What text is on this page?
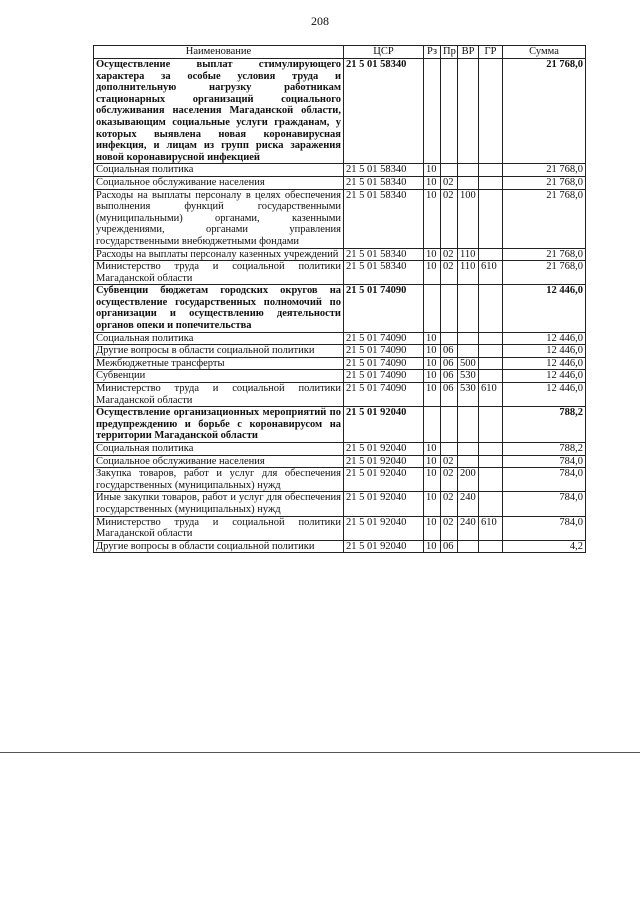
208
Наименование	ЦСР	Рз	Пр	ВР	ГР	Сумма
Осуществление выплат стимулирующего характера за особые условия труда и дополнительную нагрузку работникам стационарных организаций социального обслуживания населения Магаданской области, оказывающим социальные услуги гражданам, у которых выявлена новая коронавирусная инфекция, и лицам из групп риска заражения новой коронавирусной инфекцией	21 5 01 58340					21 768,0
Социальная политика	21 5 01 58340	10				21 768,0
Социальное обслуживание населения	21 5 01 58340	10	02			21 768,0
Расходы на выплаты персоналу в целях обеспечения выполнения функций государственными (муниципальными) органами, казенными учреждениями, органами управления государственными внебюджетными фондами	21 5 01 58340	10	02	100		21 768,0
Расходы на выплаты персоналу казенных учреждений	21 5 01 58340	10	02	110		21 768,0
Министерство труда и социальной политики Магаданской области	21 5 01 58340	10	02	110	610	21 768,0
Субвенции бюджетам городских округов на осуществление государственных полномочий по организации и осуществлению деятельности органов опеки и попечительства	21 5 01 74090					12 446,0
Социальная политика	21 5 01 74090	10				12 446,0
Другие вопросы в области социальной политики	21 5 01 74090	10	06			12 446,0
Межбюджетные трансферты	21 5 01 74090	10	06	500		12 446,0
Субвенции	21 5 01 74090	10	06	530		12 446,0
Министерство труда и социальной политики Магаданской области	21 5 01 74090	10	06	530	610	12 446,0
Осуществление организационных мероприятий по предупреждению и борьбе с коронавирусом на территории Магаданской области	21 5 01 92040					788,2
Социальная политика	21 5 01 92040	10				788,2
Социальное обслуживание населения	21 5 01 92040	10	02			784,0
Закупка товаров, работ и услуг для обеспечения государственных (муниципальных) нужд	21 5 01 92040	10	02	200		784,0
Иные закупки товаров, работ и услуг для обеспечения государственных (муниципальных) нужд	21 5 01 92040	10	02	240		784,0
Министерство труда и социальной политики Магаданской области	21 5 01 92040	10	02	240	610	784,0
Другие вопросы в области социальной политики	21 5 01 92040	10	06			4,2
